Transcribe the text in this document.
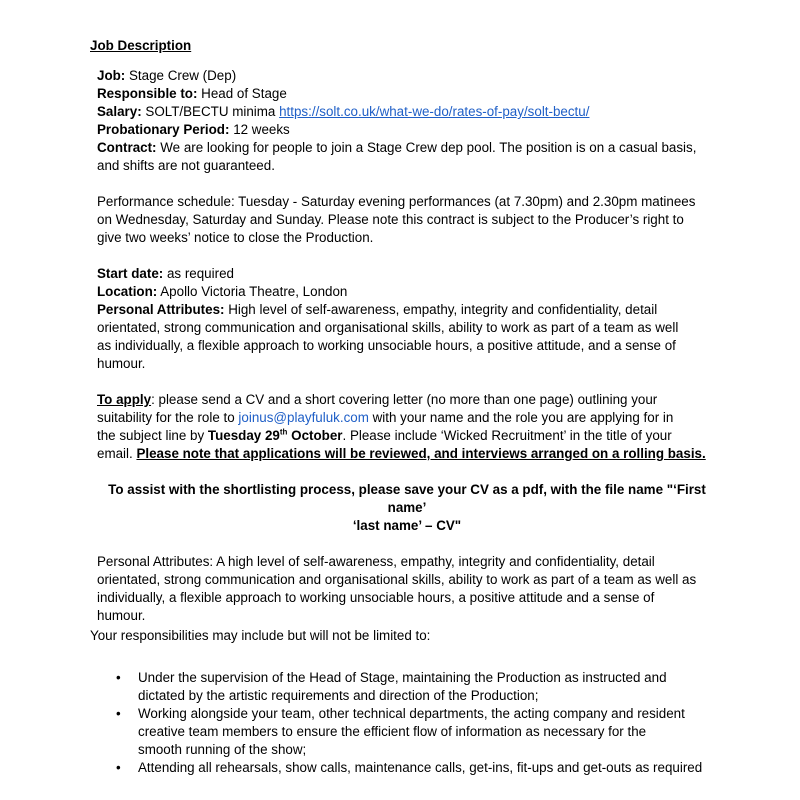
Job Description
Job: Stage Crew (Dep)
Responsible to: Head of Stage
Salary: SOLT/BECTU minima https://solt.co.uk/what-we-do/rates-of-pay/solt-bectu/
Probationary Period: 12 weeks
Contract: We are looking for people to join a Stage Crew dep pool. The position is on a casual basis,
and shifts are not guaranteed.
Performance schedule: Tuesday - Saturday evening performances (at 7.30pm) and 2.30pm matinees
on Wednesday, Saturday and Sunday. Please note this contract is subject to the Producer’s right to
give two weeks’ notice to close the Production.
Start date: as required
Location: Apollo Victoria Theatre, London
Personal Attributes: High level of self-awareness, empathy, integrity and confidentiality, detail
orientated, strong communication and organisational skills, ability to work as part of a team as well
as individually, a flexible approach to working unsociable hours, a positive attitude, and a sense of
humour.
To apply: please send a CV and a short covering letter (no more than one page) outlining your
suitability for the role to joinus@playfuluk.com with your name and the role you are applying for in
the subject line by Tuesday 29th October. Please include ‘Wicked Recruitment’ in the title of your
email. Please note that applications will be reviewed, and interviews arranged on a rolling basis.
To assist with the shortlisting process, please save your CV as a pdf, with the file name "‘First name’
‘last name’ – CV"
Personal Attributes: A high level of self-awareness, empathy, integrity and confidentiality, detail
orientated, strong communication and organisational skills, ability to work as part of a team as well as
individually, a flexible approach to working unsociable hours, a positive attitude and a sense of
humour.
Your responsibilities may include but will not be limited to:
• Under the supervision of the Head of Stage, maintaining the Production as instructed and
dictated by the artistic requirements and direction of the Production;
• Working alongside your team, other technical departments, the acting company and resident
creative team members to ensure the efficient flow of information as necessary for the
smooth running of the show;
• Attending all rehearsals, show calls, maintenance calls, get-ins, fit-ups and get-outs as required
